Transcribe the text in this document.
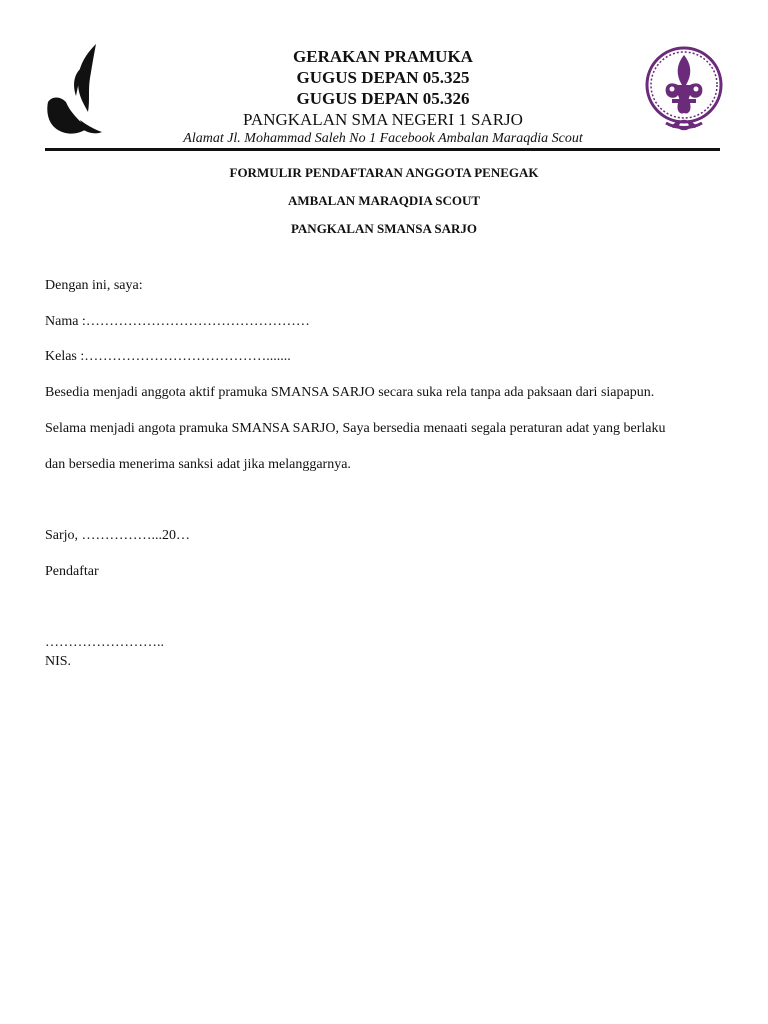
GERAKAN PRAMUKA
GUGUS DEPAN 05.325
GUGUS DEPAN 05.326
PANGKALAN SMA NEGERI 1 SARJO
Alamat Jl. Mohammad Saleh No 1 Facebook Ambalan Maraqdia Scout
FORMULIR PENDAFTARAN ANGGOTA PENEGAK
AMBALAN MARAQDIA SCOUT
PANGKALAN SMANSA SARJO
Dengan ini, saya:
Nama :…………………………………………
Kelas :………………………………….......
Besedia menjadi anggota aktif pramuka SMANSA SARJO secara suka rela tanpa ada paksaan dari siapapun.
Selama menjadi angota pramuka SMANSA SARJO, Saya bersedia menaati segala peraturan adat yang berlaku
dan bersedia menerima sanksi adat jika melanggarnya.
Sarjo, ……………...20…
Pendaftar
……………………..
NIS.
